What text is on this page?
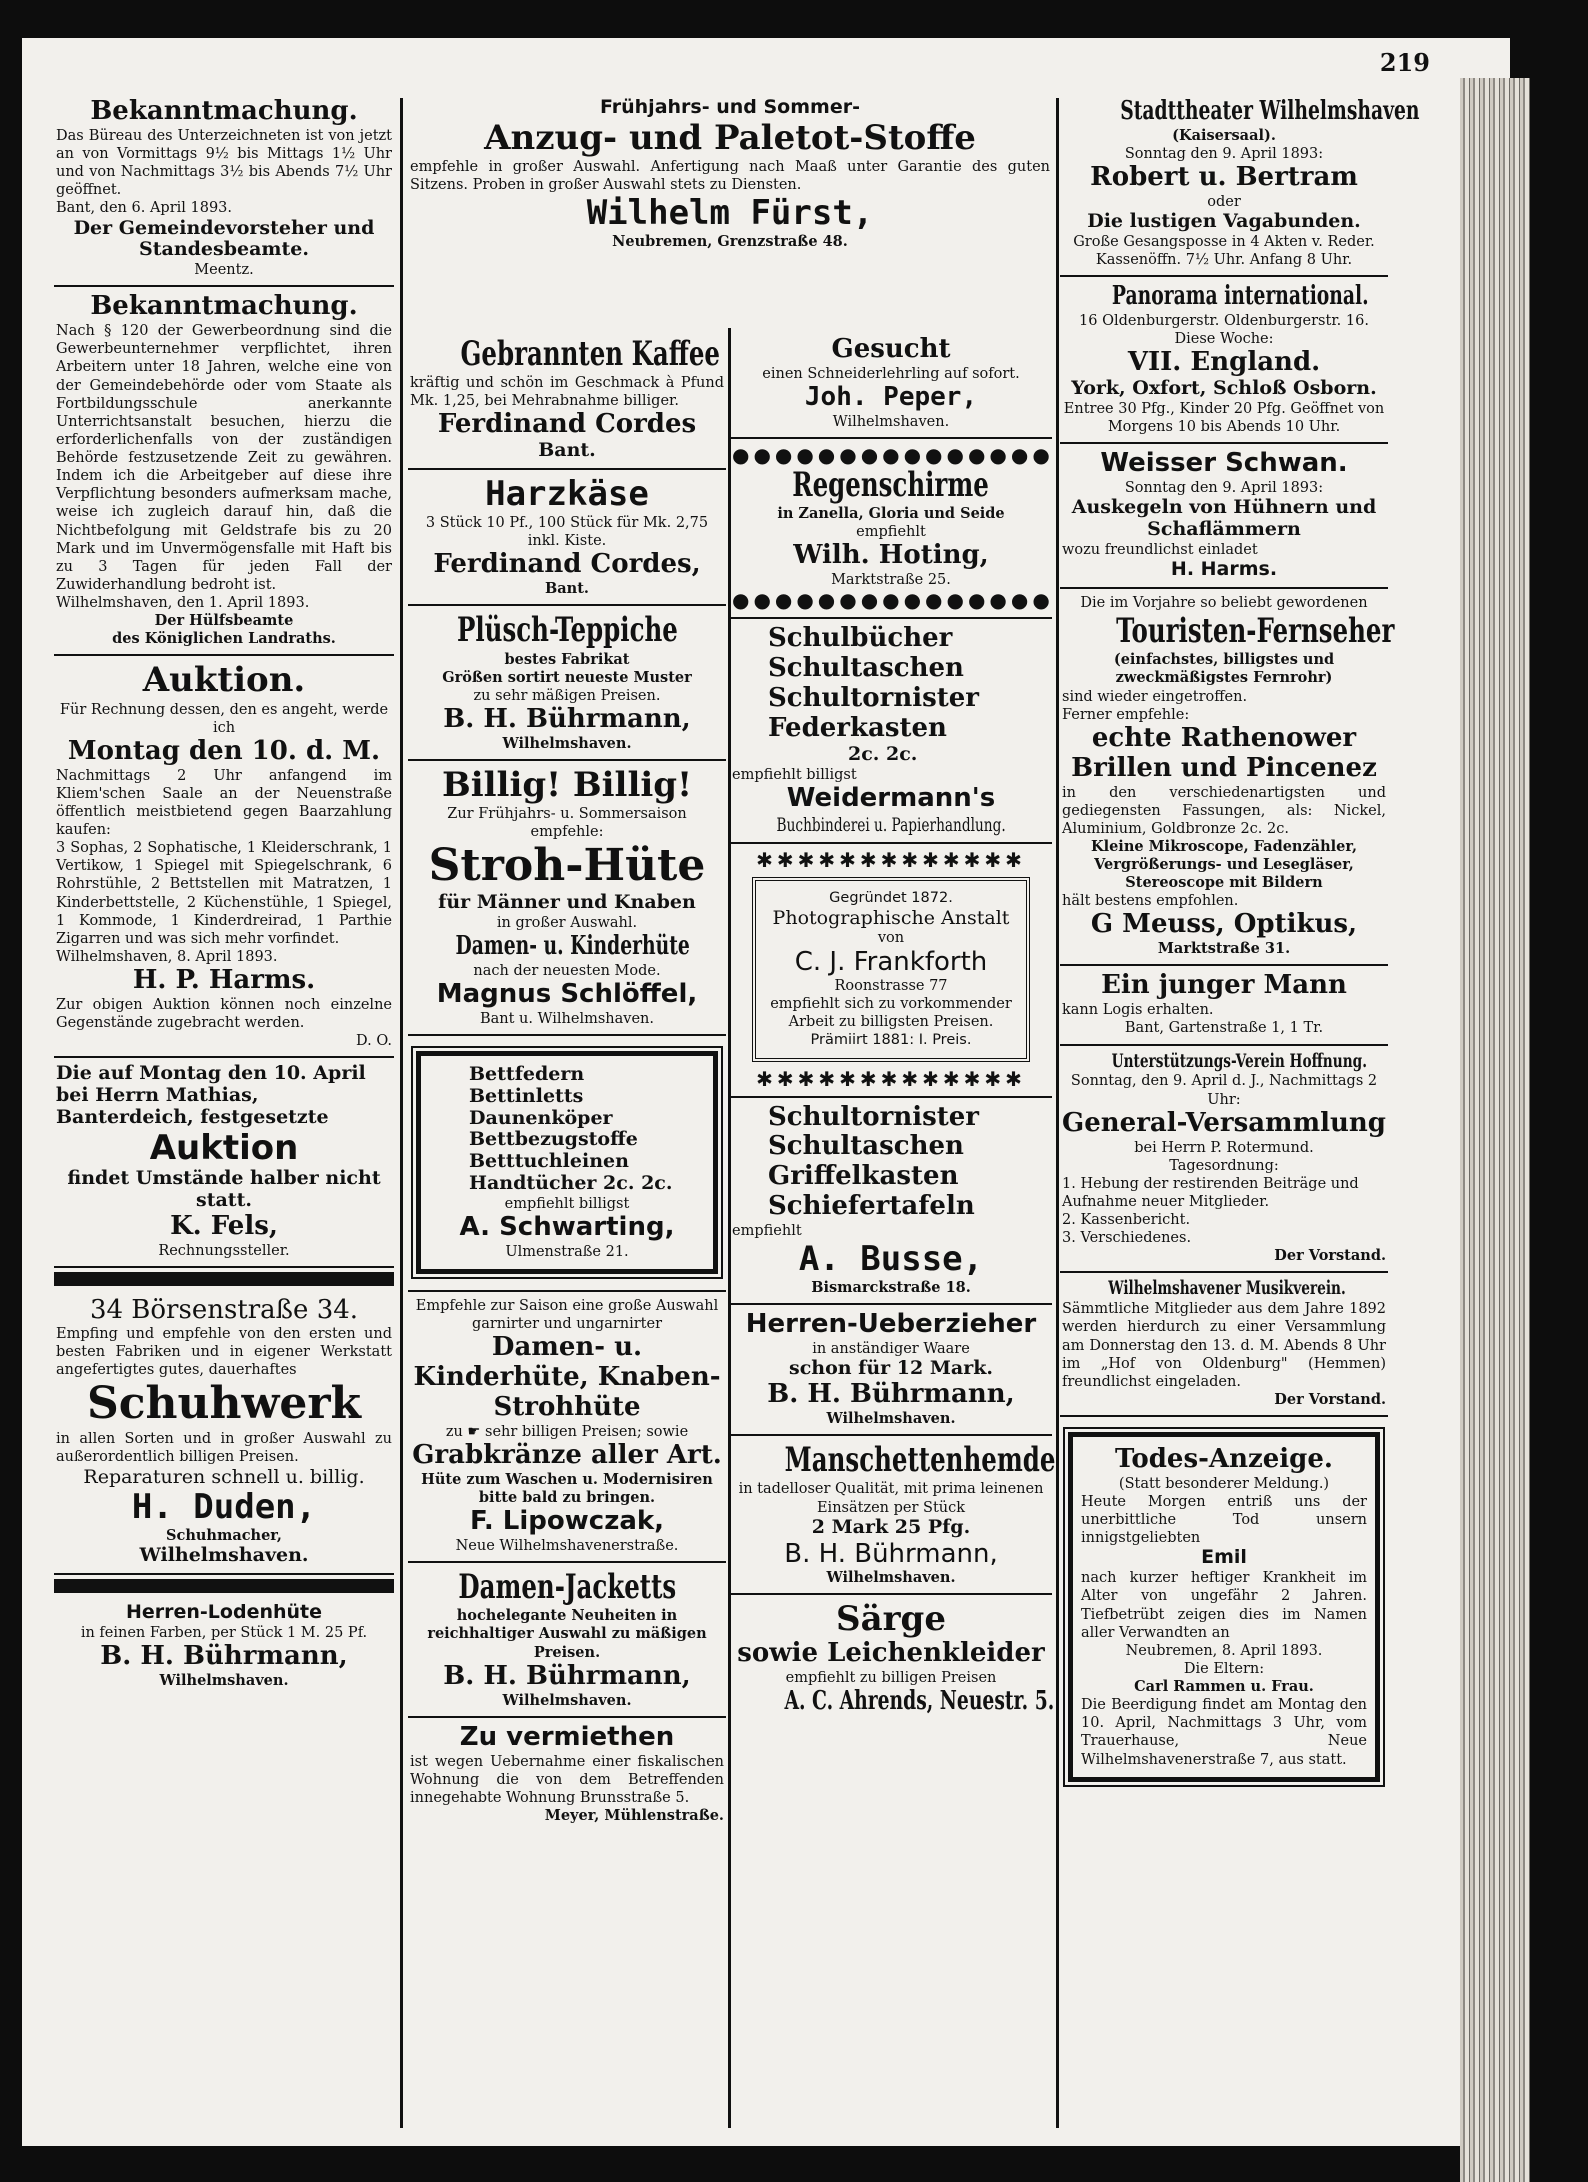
219
Bekanntmachung.
Das Büreau des Unterzeichneten ist von jetzt an von Vormittags 9½ bis Mittags 1½ Uhr und von Nachmittags 3½ bis Abends 7½ Uhr geöffnet.
Bant, den 6. April 1893.
Der Gemeindevorsteher und
Standesbeamte.
Meentz.
Bekanntmachung.
Nach § 120 der Gewerbeordnung sind die Gewerbeunternehmer verpflichtet, ihren Arbeitern unter 18 Jahren, welche eine von der Gemeindebehörde oder vom Staate als Fortbildungsschule anerkannte Unterrichtsanstalt besuchen, hierzu die erforderlichenfalls von der zuständigen Behörde festzusetzende Zeit zu gewähren. Indem ich die Arbeitgeber auf diese ihre Verpflichtung besonders aufmerksam mache, weise ich zugleich darauf hin, daß die Nichtbefolgung mit Geldstrafe bis zu 20 Mark und im Unvermögensfalle mit Haft bis zu 3 Tagen für jeden Fall der Zuwiderhandlung bedroht ist.
Wilhelmshaven, den 1. April 1893.
Der Hülfsbeamte
des Königlichen Landraths.
Auktion.
Für Rechnung dessen, den es angeht, werde ich
Montag den 10. d. M.
Nachmittags 2 Uhr anfangend im Kliem'schen Saale an der Neuenstraße öffentlich meistbietend gegen Baarzahlung kaufen:
3 Sophas, 2 Sophatische, 1 Kleiderschrank, 1 Vertikow, 1 Spiegel mit Spiegelschrank, 6 Rohrstühle, 2 Bettstellen mit Matratzen, 1 Kinderbettstelle, 2 Küchenstühle, 1 Spiegel, 1 Kommode, 1 Kinderdreirad, 1 Parthie Zigarren und was sich mehr vorfindet.
Wilhelmshaven, 8. April 1893.
H. P. Harms.
Zur obigen Auktion können noch einzelne Gegenstände zugebracht werden.
D. O.
Die auf Montag den 10. April bei Herrn Mathias, Banterdeich, festgesetzte
Auktion
findet Umstände halber nicht statt.
K. Fels,
Rechnungssteller.
34 Börsenstraße 34.
Empfing und empfehle von den ersten und besten Fabriken und in eigener Werkstatt angefertigtes gutes, dauerhaftes
Schuhwerk
in allen Sorten und in großer Auswahl zu außerordentlich billigen Preisen.
Reparaturen schnell u. billig.
H. Duden,
Schuhmacher,
Wilhelmshaven.
Herren-Lodenhüte
in feinen Farben, per Stück 1 M. 25 Pf.
B. H. Bührmann,
Wilhelmshaven.
Frühjahrs- und Sommer-
Anzug- und Paletot-Stoffe
empfehle in großer Auswahl. Anfertigung nach Maaß unter Garantie des guten Sitzens. Proben in großer Auswahl stets zu Diensten.
Wilhelm Fürst,
Neubremen, Grenzstraße 48.
Gebrannten Kaffee
kräftig und schön im Geschmack à Pfund Mk. 1,25, bei Mehrabnahme billiger.
Ferdinand Cordes
Bant.
Harzkäse
3 Stück 10 Pf., 100 Stück für Mk. 2,75 inkl. Kiste.
Ferdinand Cordes,
Bant.
Plüsch-Teppiche
bestes Fabrikat
Größen sortirt neueste Muster
zu sehr mäßigen Preisen.
B. H. Bührmann,
Wilhelmshaven.
Billig! Billig!
Zur Frühjahrs- u. Sommersaison empfehle:
Stroh-Hüte
für Männer und Knaben
in großer Auswahl.
Damen- u. Kinderhüte
nach der neuesten Mode.
Magnus Schlöffel,
Bant u. Wilhelmshaven.
Bettfedern
Bettinletts
Daunenköper
Bettbezugstoffe
Betttuchleinen
Handtücher 2c. 2c.
empfiehlt billigst
A. Schwarting,
Ulmenstraße 21.
Empfehle zur Saison eine große Auswahl garnirter und ungarnirter
Damen- u. Kinderhüte, Knaben-Strohhüte
zu ☛ sehr billigen Preisen; sowie
Grabkränze aller Art.
Hüte zum Waschen u. Modernisiren bitte bald zu bringen.
F. Lipowczak,
Neue Wilhelmshavenerstraße.
Damen-Jacketts
hochelegante Neuheiten in reichhaltiger Auswahl zu mäßigen Preisen.
B. H. Bührmann,
Wilhelmshaven.
Zu vermiethen
ist wegen Uebernahme einer fiskalischen Wohnung die von dem Betreffenden innegehabte Wohnung Brunsstraße 5.
Meyer, Mühlenstraße.
Gesucht
einen Schneiderlehrling auf sofort.
Joh. Peper,
Wilhelmshaven.
●●●●●●●●●●●●●●●
Regenschirme
in Zanella, Gloria und Seide
empfiehlt
Wilh. Hoting,
Marktstraße 25.
●●●●●●●●●●●●●●●
Schulbücher
Schultaschen
Schultornister
Federkasten
2c. 2c.
empfiehlt billigst
Weidermann's
Buchbinderei u. Papierhandlung.
✱✱✱✱✱✱✱✱✱✱✱✱✱
Gegründet 1872.
Photographische Anstalt
von
C. J. Frankforth
Roonstrasse 77
empfiehlt sich zu vorkommender Arbeit zu billigsten Preisen.
Prämiirt 1881: I. Preis.
✱✱✱✱✱✱✱✱✱✱✱✱✱
Schultornister
Schultaschen
Griffelkasten
Schiefertafeln
empfiehlt
A. Busse,
Bismarckstraße 18.
Herren-Ueberzieher
in anständiger Waare
schon für 12 Mark.
B. H. Bührmann,
Wilhelmshaven.
Manschettenhemde
in tadelloser Qualität, mit prima leinenen Einsätzen per Stück
2 Mark 25 Pfg.
B. H. Bührmann,
Wilhelmshaven.
Särge
sowie Leichenkleider
empfiehlt zu billigen Preisen
A. C. Ahrends, Neuestr. 5.
Stadttheater Wilhelmshaven
(Kaisersaal).
Sonntag den 9. April 1893:
Robert u. Bertram
oder
Die lustigen Vagabunden.
Große Gesangsposse in 4 Akten v. Reder. Kassenöffn. 7½ Uhr. Anfang 8 Uhr.
Panorama international.
16 Oldenburgerstr. Oldenburgerstr. 16.
Diese Woche:
VII. England.
York, Oxfort, Schloß Osborn.
Entree 30 Pfg., Kinder 20 Pfg. Geöffnet von Morgens 10 bis Abends 10 Uhr.
Weisser Schwan.
Sonntag den 9. April 1893:
Auskegeln von Hühnern und Schaflämmern
wozu freundlichst einladet
H. Harms.
Die im Vorjahre so beliebt gewordenen
Touristen-Fernseher
(einfachstes, billigstes und zweckmäßigstes Fernrohr)
sind wieder eingetroffen.
Ferner empfehle:
echte Rathenower Brillen und Pincenez
in den verschiedenartigsten und gediegensten Fassungen, als: Nickel, Aluminium, Goldbronze 2c. 2c.
Kleine Mikroscope, Fadenzähler, Vergrößerungs- und Lesegläser, Stereoscope mit Bildern
hält bestens empfohlen.
G Meuss, Optikus,
Marktstraße 31.
Ein junger Mann
kann Logis erhalten.
Bant, Gartenstraße 1, 1 Tr.
Unterstützungs-Verein Hoffnung.
Sonntag, den 9. April d. J., Nachmittags 2 Uhr:
General-Versammlung
bei Herrn P. Rotermund.
Tagesordnung:
1. Hebung der restirenden Beiträge und Aufnahme neuer Mitglieder.
2. Kassenbericht.
3. Verschiedenes.
Der Vorstand.
Wilhelmshavener Musikverein.
Sämmtliche Mitglieder aus dem Jahre 1892 werden hierdurch zu einer Versammlung am Donnerstag den 13. d. M. Abends 8 Uhr im „Hof von Oldenburg" (Hemmen) freundlichst eingeladen.
Der Vorstand.
Todes-Anzeige.
(Statt besonderer Meldung.)
Heute Morgen entriß uns der unerbittliche Tod unsern innigstgeliebten
Emil
nach kurzer heftiger Krankheit im Alter von ungefähr 2 Jahren. Tiefbetrübt zeigen dies im Namen aller Verwandten an
Neubremen, 8. April 1893.
Die Eltern:
Carl Rammen u. Frau.
Die Beerdigung findet am Montag den 10. April, Nachmittags 3 Uhr, vom Trauerhause, Neue Wilhelmshavenerstraße 7, aus statt.
